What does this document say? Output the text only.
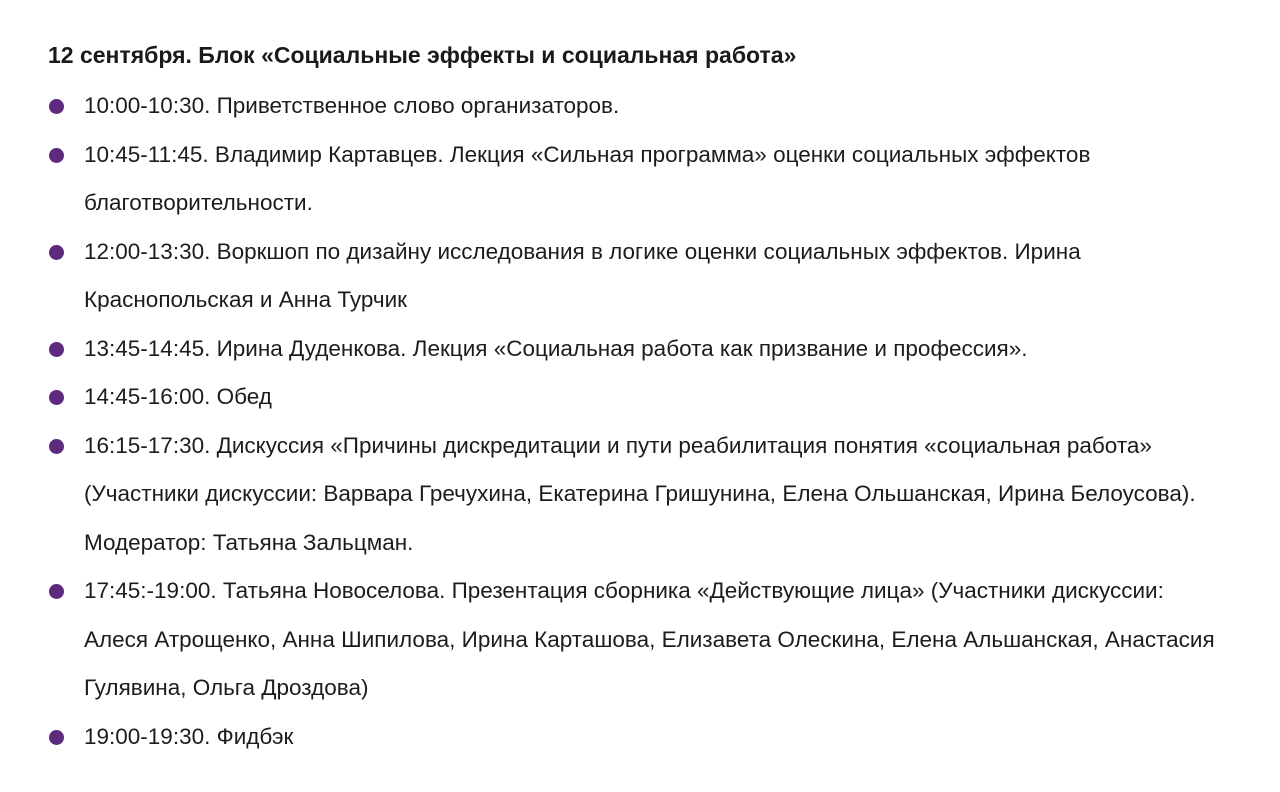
12 сентября. Блок «Социальные эффекты и социальная работа»
10:00-10:30. Приветственное слово организаторов.
10:45-11:45. Владимир Картавцев. Лекция «Сильная программа» оценки социальных эффектов благотворительности.
12:00-13:30. Воркшоп по дизайну исследования в логике оценки социальных эффектов. Ирина Краснопольская и Анна Турчик
13:45-14:45. Ирина Дуденкова. Лекция «Социальная работа как призвание и профессия».
14:45-16:00. Обед
16:15-17:30. Дискуссия «Причины дискредитации и пути реабилитация понятия «социальная работа» (Участники дискуссии: Варвара Гречухина, Екатерина Гришунина, Елена Ольшанская, Ирина Белоусова). Модератор: Татьяна Зальцман.
17:45:-19:00. Татьяна Новоселова. Презентация сборника «Действующие лица» (Участники дискуссии: Алеся Атрощенко, Анна Шипилова, Ирина Карташова, Елизавета Олескина, Елена Альшанская, Анастасия Гулявина, Ольга Дроздова)
19:00-19:30. Фидбэк
